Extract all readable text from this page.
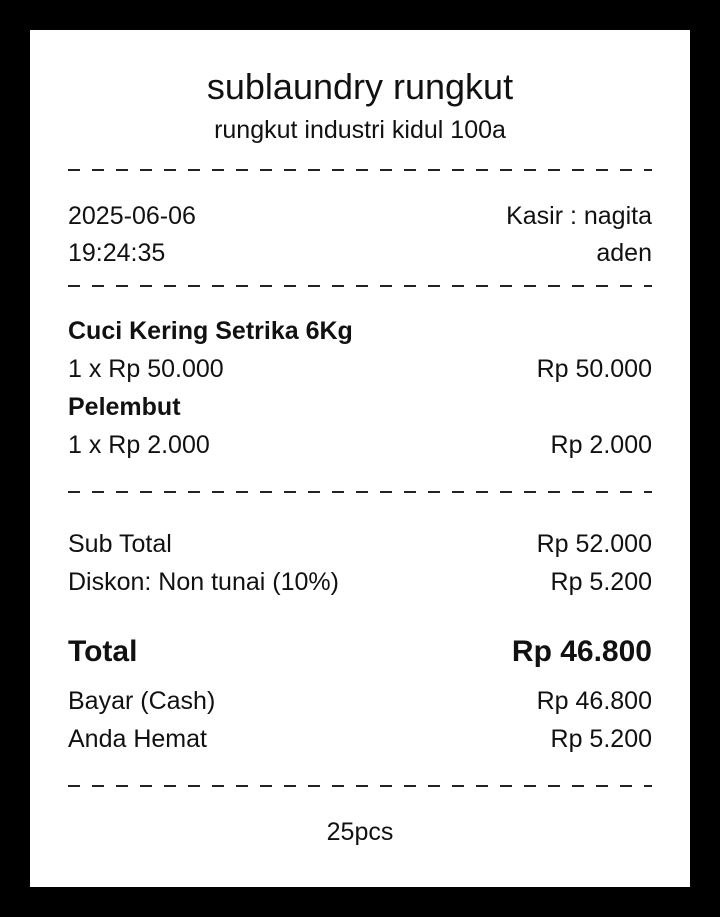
sublaundry rungkut
rungkut industri kidul 100a
2025-06-06	Kasir : nagita
19:24:35	aden
Cuci Kering Setrika 6Kg
1 x Rp 50.000	Rp 50.000
Pelembut
1 x Rp 2.000	Rp 2.000
Sub Total	Rp 52.000
Diskon: Non tunai (10%)	Rp 5.200
Total	Rp 46.800
Bayar (Cash)	Rp 46.800
Anda Hemat	Rp 5.200
25pcs
